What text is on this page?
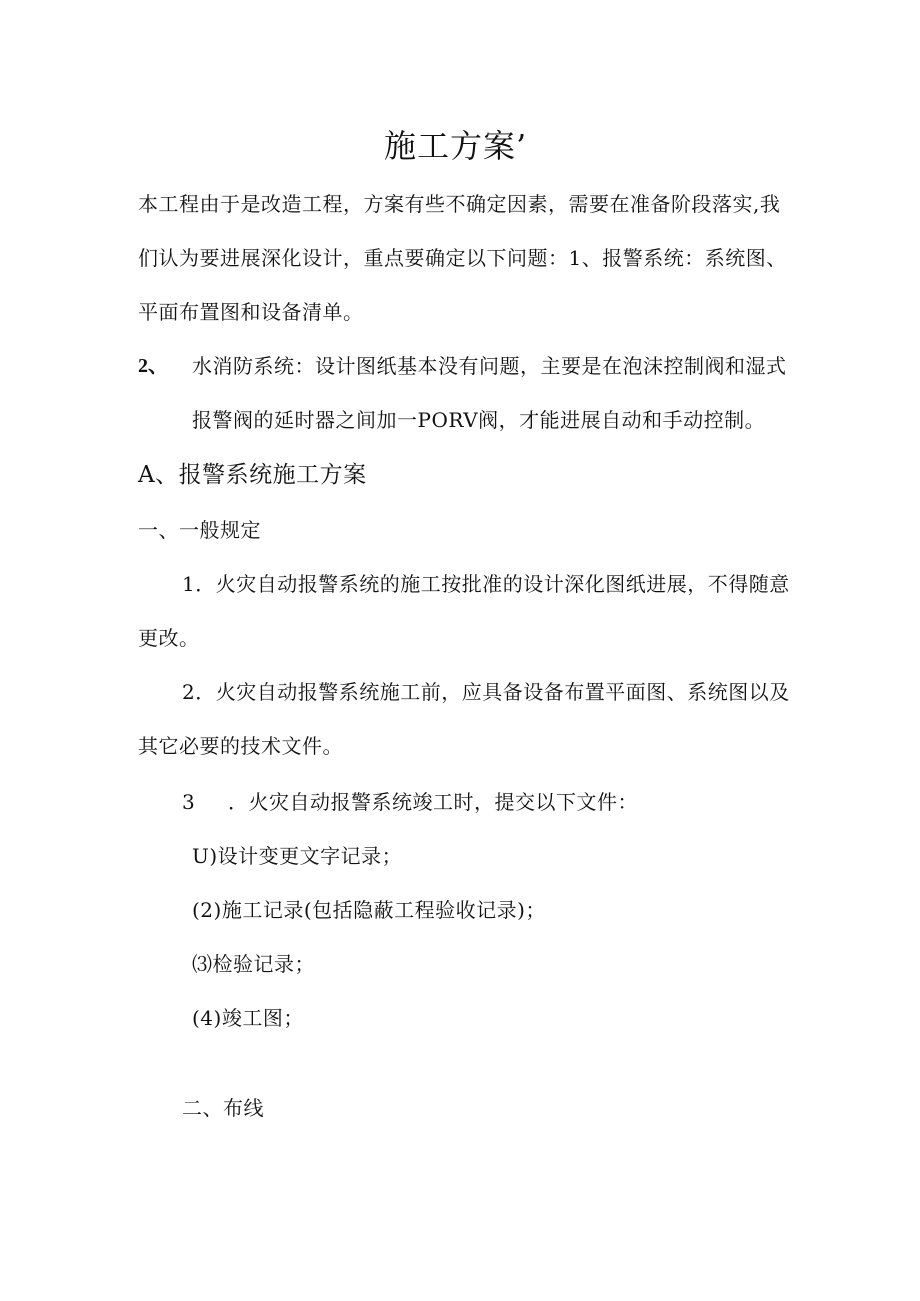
施工方案’
本工程由于是改造工程，方案有些不确定因素，需要在准备阶段落实,我
们认为要进展深化设计，重点要确定以下问题：1、报警系统：系统图、
平面布置图和设备清单。
2、 水消防系统：设计图纸基本没有问题，主要是在泡沫控制阀和湿式
报警阀的延时器之间加一PORV阀，才能进展自动和手动控制。
A、报警系统施工方案
一、一般规定
1．火灾自动报警系统的施工按批准的设计深化图纸进展，不得随意
更改。
2．火灾自动报警系统施工前，应具备设备布置平面图、系统图以及
其它必要的技术文件。
3 ．火灾自动报警系统竣工时，提交以下文件：
U)设计变更文字记录；
(2)施工记录(包括隐蔽工程验收记录)；
⑶检验记录；
(4)竣工图；
二、布线
